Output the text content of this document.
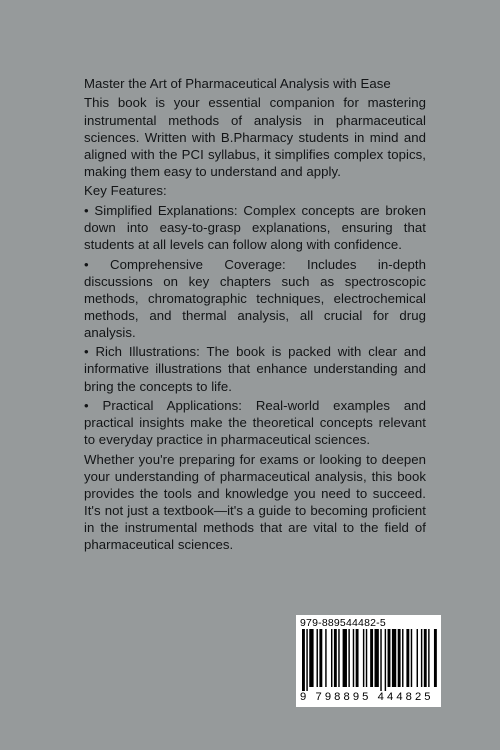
Master the Art of Pharmaceutical Analysis with Ease

This book is your essential companion for mastering instrumental methods of analysis in pharmaceutical sciences. Written with B.Pharmacy students in mind and aligned with the PCI syllabus, it simplifies complex topics, making them easy to understand and apply.

Key Features:

• Simplified Explanations: Complex concepts are broken down into easy-to-grasp explanations, ensuring that students at all levels can follow along with confidence.

• Comprehensive Coverage: Includes in-depth discussions on key chapters such as spectroscopic methods, chromatographic techniques, electrochemical methods, and thermal analysis, all crucial for drug analysis.

• Rich Illustrations: The book is packed with clear and informative illustrations that enhance understanding and bring the concepts to life.

• Practical Applications: Real-world examples and practical insights make the theoretical concepts relevant to everyday practice in pharmaceutical sciences.

Whether you're preparing for exams or looking to deepen your understanding of pharmaceutical analysis, this book provides the tools and knowledge you need to succeed. It's not just a textbook—it's a guide to becoming proficient in the instrumental methods that are vital to the field of pharmaceutical sciences.

979-889544482-5
9 798895 444825
